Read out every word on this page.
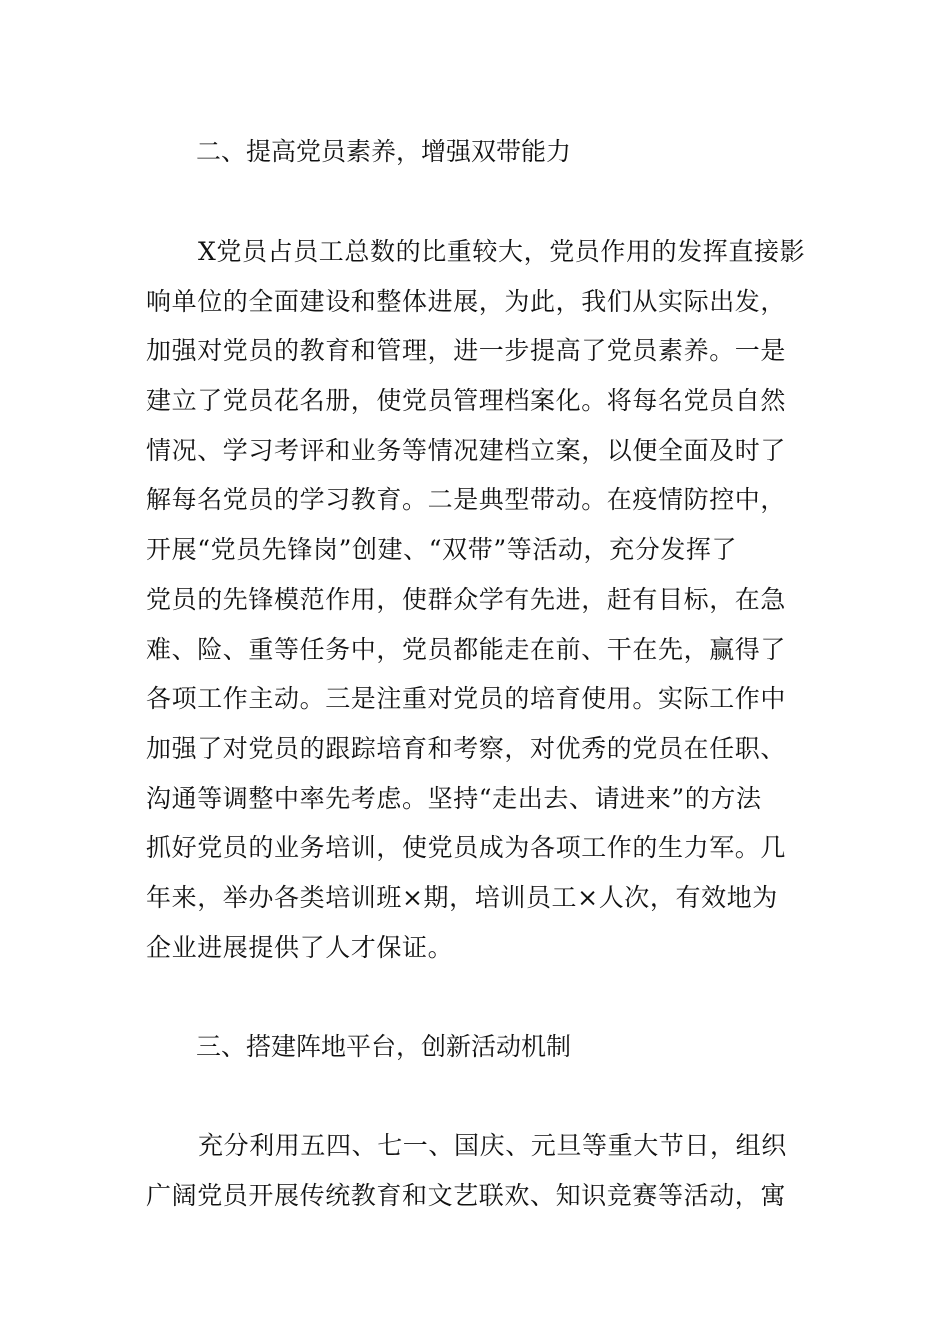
二、提高党员素养，增强双带能力
X党员占员工总数的比重较大，党员作用的发挥直接影
响单位的全面建设和整体进展，为此，我们从实际出发，
加强对党员的教育和管理，进一步提高了党员素养。一是
建立了党员花名册，使党员管理档案化。将每名党员自然
情况、学习考评和业务等情况建档立案，以便全面及时了
解每名党员的学习教育。二是典型带动。在疫情防控中，
开展“党员先锋岗”创建、“双带”等活动，充分发挥了
党员的先锋模范作用，使群众学有先进，赶有目标，在急
难、险、重等任务中，党员都能走在前、干在先，赢得了
各项工作主动。三是注重对党员的培育使用。实际工作中
加强了对党员的跟踪培育和考察，对优秀的党员在任职、
沟通等调整中率先考虑。坚持“走出去、请进来”的方法
抓好党员的业务培训，使党员成为各项工作的生力军。几
年来，举办各类培训班×期，培训员工×人次，有效地为
企业进展提供了人才保证。
三、搭建阵地平台，创新活动机制
充分利用五四、七一、国庆、元旦等重大节日，组织
广阔党员开展传统教育和文艺联欢、知识竞赛等活动，寓
